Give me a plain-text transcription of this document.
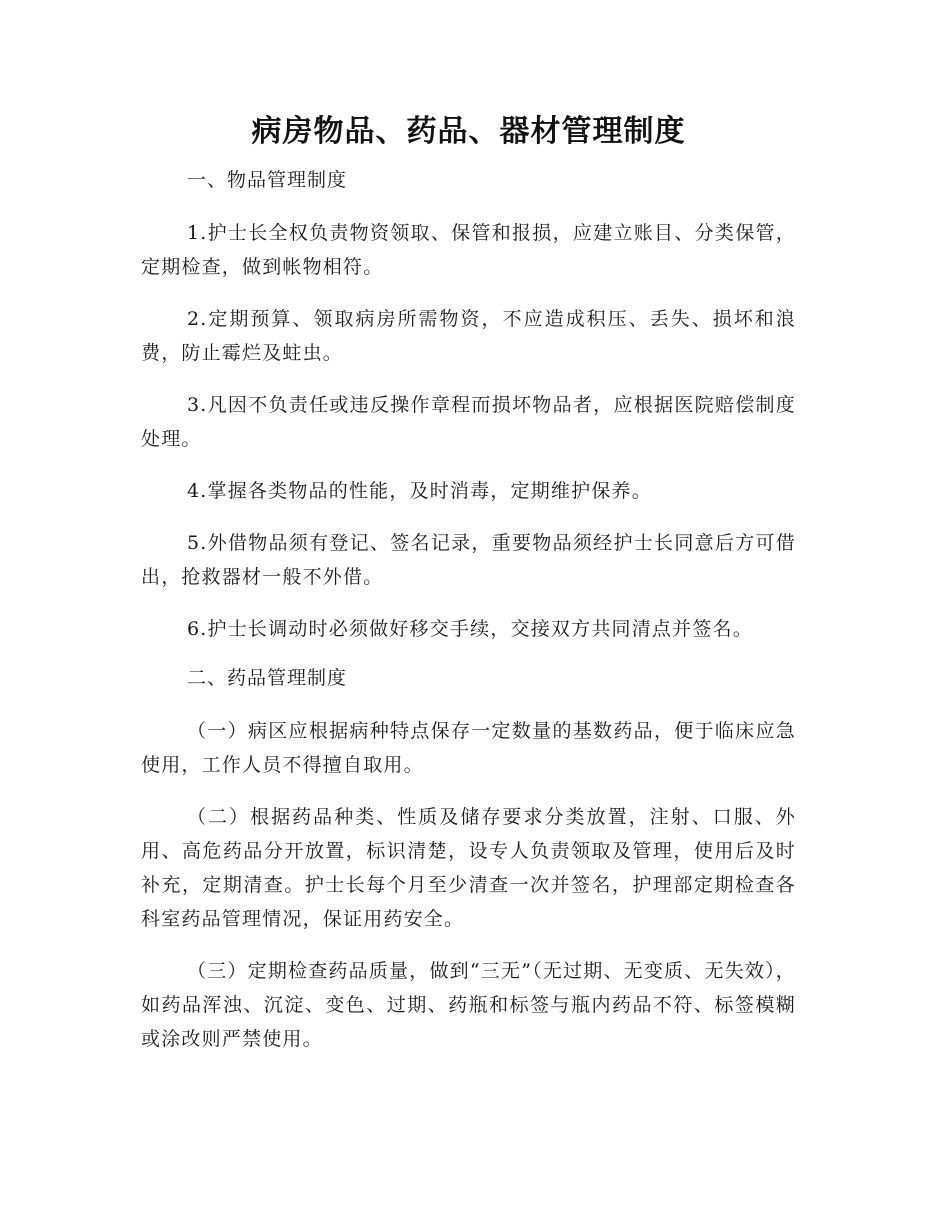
病房物品、药品、器材管理制度

一、物品管理制度

1.护士长全权负责物资领取、保管和报损，应建立账目、分类保管，定期检查，做到帐物相符。

2.定期预算、领取病房所需物资，不应造成积压、丢失、损坏和浪费，防止霉烂及蛀虫。

3.凡因不负责任或违反操作章程而损坏物品者，应根据医院赔偿制度处理。

4.掌握各类物品的性能，及时消毒，定期维护保养。

5.外借物品须有登记、签名记录，重要物品须经护士长同意后方可借出，抢救器材一般不外借。

6.护士长调动时必须做好移交手续，交接双方共同清点并签名。

二、药品管理制度

（一）病区应根据病种特点保存一定数量的基数药品，便于临床应急使用，工作人员不得擅自取用。

（二）根据药品种类、性质及储存要求分类放置，注射、口服、外用、高危药品分开放置，标识清楚，设专人负责领取及管理，使用后及时补充，定期清查。护士长每个月至少清查一次并签名，护理部定期检查各科室药品管理情况，保证用药安全。

（三）定期检查药品质量，做到“三无”（无过期、无变质、无失效），如药品浑浊、沉淀、变色、过期、药瓶和标签与瓶内药品不符、标签模糊或涂改则严禁使用。
